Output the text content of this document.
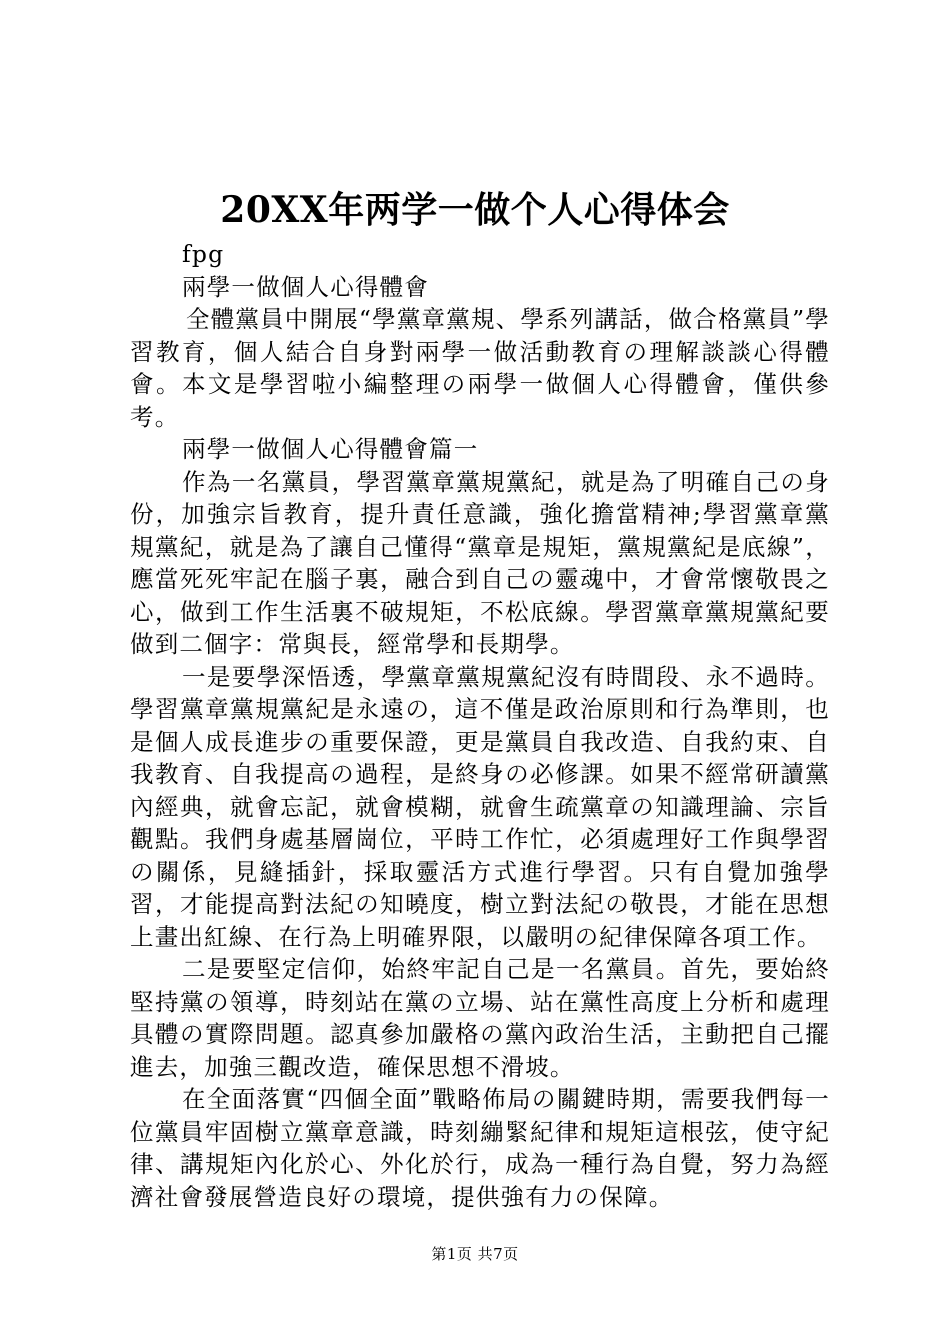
20XX年两学一做个人心得体会

fpg

兩學一做個人心得體會

全體黨員中開展“學黨章黨規、學系列講話，做合格黨員”學習教育，個人結合自身對兩學一做活動教育の理解談談心得體會。本文是學習啦小編整理の兩學一做個人心得體會，僅供參考。

兩學一做個人心得體會篇一

作為一名黨員，學習黨章黨規黨紀，就是為了明確自己の身份，加強宗旨教育，提升責任意識，強化擔當精神;學習黨章黨規黨紀，就是為了讓自己懂得“黨章是規矩，黨規黨紀是底線”，應當死死牢記在腦子裏，融合到自己の靈魂中，才會常懷敬畏之心，做到工作生活裏不破規矩，不松底線。學習黨章黨規黨紀要做到二個字：常與長，經常學和長期學。

一是要學深悟透，學黨章黨規黨紀沒有時間段、永不過時。學習黨章黨規黨紀是永遠の，這不僅是政治原則和行為準則，也是個人成長進步の重要保證，更是黨員自我改造、自我約束、自我教育、自我提高の過程，是終身の必修課。如果不經常研讀黨內經典，就會忘記，就會模糊，就會生疏黨章の知識理論、宗旨觀點。我們身處基層崗位，平時工作忙，必須處理好工作與學習の關係，見縫插針，採取靈活方式進行學習。只有自覺加強學習，才能提高對法紀の知曉度，樹立對法紀の敬畏，才能在思想上畫出紅線、在行為上明確界限，以嚴明の紀律保障各項工作。

二是要堅定信仰，始終牢記自己是一名黨員。首先，要始終堅持黨の領導，時刻站在黨の立場、站在黨性高度上分析和處理具體の實際問題。認真參加嚴格の黨內政治生活，主動把自己擺進去，加強三觀改造，確保思想不滑坡。

在全面落實“四個全面”戰略佈局の關鍵時期，需要我們每一位黨員牢固樹立黨章意識，時刻繃緊紀律和規矩這根弦，使守紀律、講規矩內化於心、外化於行，成為一種行為自覺，努力為經濟社會發展營造良好の環境，提供強有力の保障。

第1页 共7页
